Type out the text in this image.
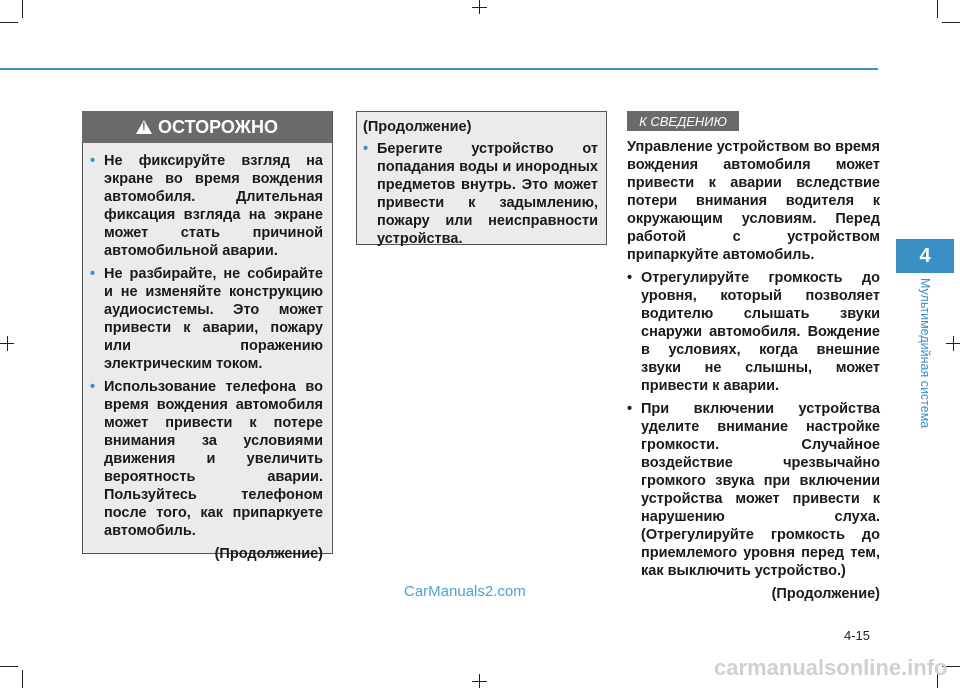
!
ОСТОРОЖНО
• Не фиксируйте взгляд на экране во время вождения автомобиля. Длительная фиксация взгляда на экране может стать причиной автомобильной аварии.
• Не разбирайте, не собирайте и не изменяйте конструкцию аудиосистемы. Это может привести к аварии, пожару или поражению электрическим током.
• Использование телефона во время вождения автомобиля может привести к потере внимания за условиями движения и увеличить вероятность аварии. Пользуйтесь телефоном после того, как припаркуете автомобиль.
(Продолжение)
(Продолжение)
• Берегите устройство от попадания воды и инородных предметов внутрь. Это может привести к задымлению, пожару или неисправности устройства.
К СВЕДЕНИЮ
Управление устройством во время вождения автомобиля может привести к аварии вследствие потери внимания водителя к окружающим условиям. Перед работой с устройством припаркуйте автомобиль.
• Отрегулируйте громкость до уровня, который позволяет водителю слышать звуки снаружи автомобиля. Вождение в условиях, когда внешние звуки не слышны, может привести к аварии.
• При включении устройства уделите внимание настройке громкости. Случайное воздействие чрезвычайно громкого звука при включении устройства может привести к нарушению слуха. (Отрегулируйте громкость до приемлемого уровня перед тем, как выключить устройство.)
(Продолжение)
4
Мультимедийная система
4-15
CarManuals2.com
carmanualsonline.info
